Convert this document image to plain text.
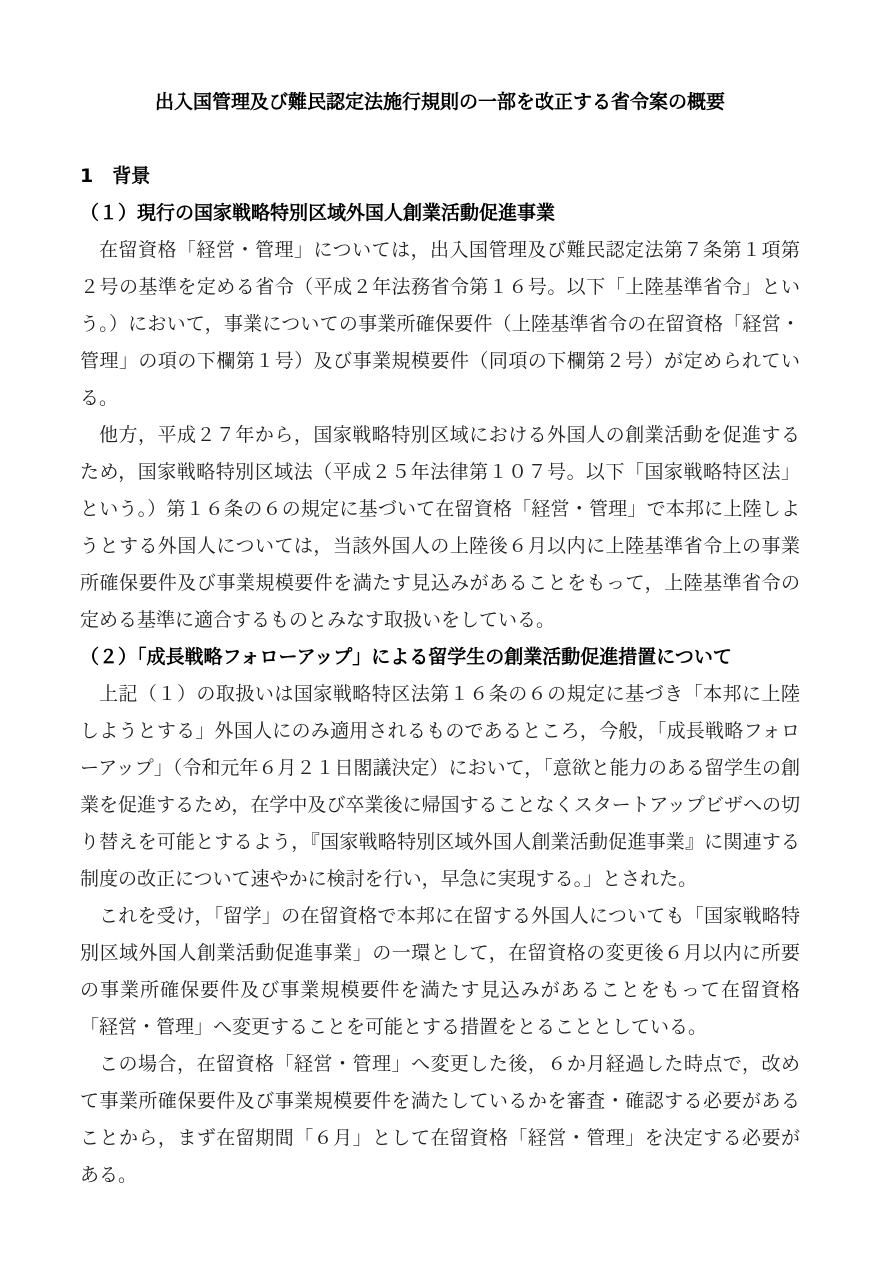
出入国管理及び難民認定法施行規則の一部を改正する省令案の概要
1　背景
（１）現行の国家戦略特別区域外国人創業活動促進事業

在留資格「経営・管理」については，出入国管理及び難民認定法第７条第１項第２号の基準を定める省令（平成２年法務省令第１６号。以下「上陸基準省令」という。）において，事業についての事業所確保要件（上陸基準省令の在留資格「経営・管理」の項の下欄第１号）及び事業規模要件（同項の下欄第２号）が定められている。

他方，平成２７年から，国家戦略特別区域における外国人の創業活動を促進するため，国家戦略特別区域法（平成２５年法律第１０７号。以下「国家戦略特区法」という。）第１６条の６の規定に基づいて在留資格「経営・管理」で本邦に上陸しようとする外国人については，当該外国人の上陸後６月以内に上陸基準省令上の事業所確保要件及び事業規模要件を満たす見込みがあることをもって，上陸基準省令の定める基準に適合するものとみなす取扱いをしている。

（２）「成長戦略フォローアップ」による留学生の創業活動促進措置について

上記（１）の取扱いは国家戦略特区法第１６条の６の規定に基づき「本邦に上陸しようとする」外国人にのみ適用されるものであるところ，今般，「成長戦略フォローアップ」（令和元年６月２１日閣議決定）において，「意欲と能力のある留学生の創業を促進するため，在学中及び卒業後に帰国することなくスタートアップビザへの切り替えを可能とするよう，『国家戦略特別区域外国人創業活動促進事業』に関連する制度の改正について速やかに検討を行い，早急に実現する。」とされた。

これを受け，「留学」の在留資格で本邦に在留する外国人についても「国家戦略特別区域外国人創業活動促進事業」の一環として，在留資格の変更後６月以内に所要の事業所確保要件及び事業規模要件を満たす見込みがあることをもって在留資格「経営・管理」へ変更することを可能とする措置をとることとしている。

この場合，在留資格「経営・管理」へ変更した後，６か月経過した時点で，改めて事業所確保要件及び事業規模要件を満たしているかを審査・確認する必要があることから，まず在留期間「６月」として在留資格「経営・管理」を決定する必要がある。
